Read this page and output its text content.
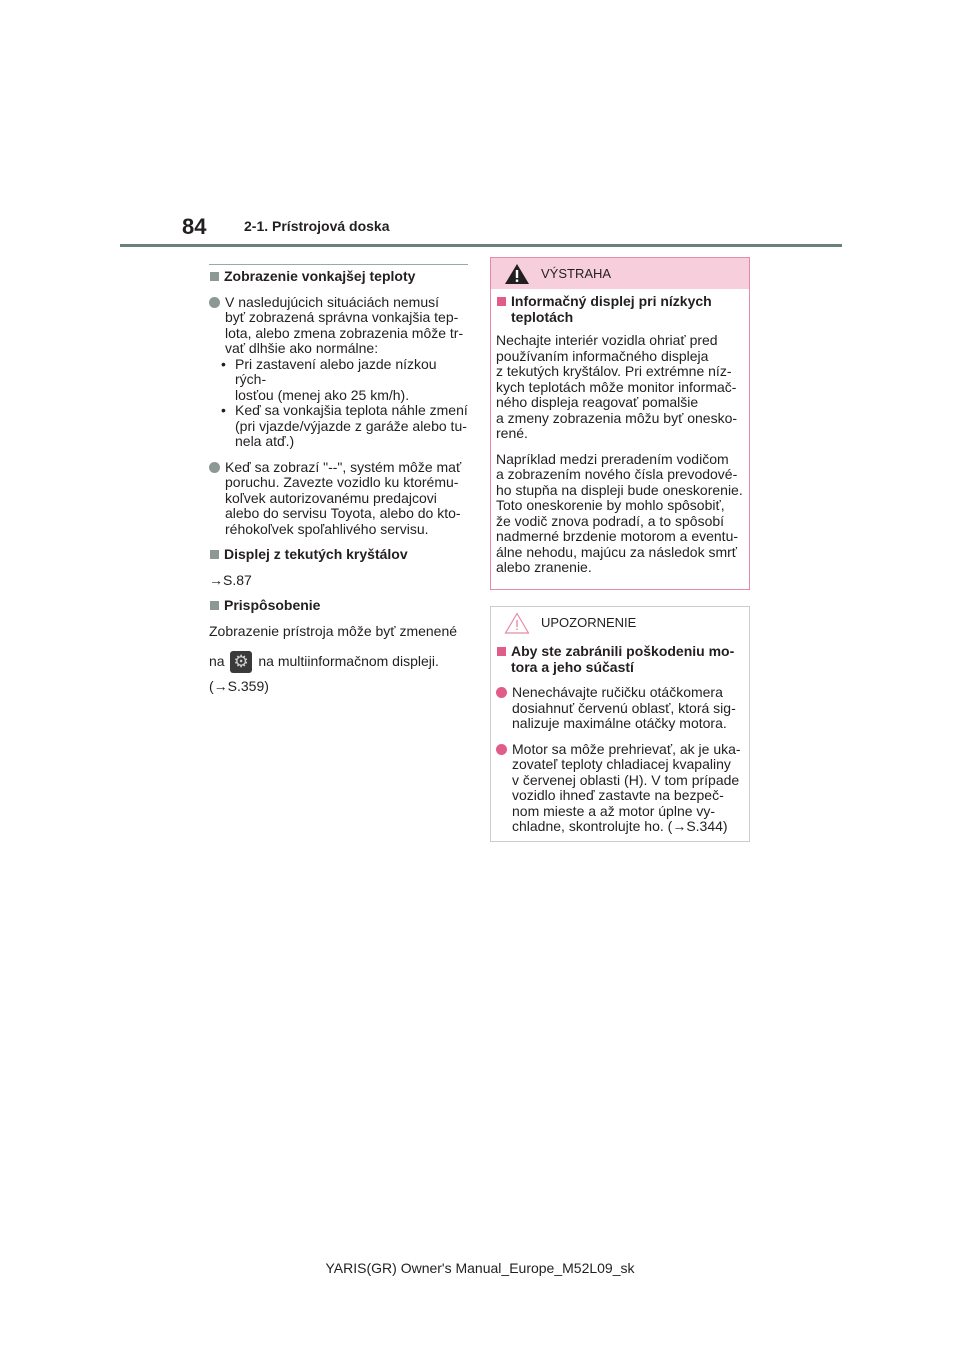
84	2-1. Prístrojová doska
Zobrazenie vonkajšej teploty
V nasledujúcich situáciách nemusí
byť zobrazená správna vonkajšia tep-
lota, alebo zmena zobrazenia môže tr-
vať dlhšie ako normálne:
• Pri zastavení alebo jazde nízkou rých-
losťou (menej ako 25 km/h).
• Keď sa vonkajšia teplota náhle zmení
(pri vjazde/výjazde z garáže alebo tu-
nela atď.)
Keď sa zobrazí "--", systém môže mať
poruchu. Zavezte vozidlo ku ktorému-
koľvek autorizovanému predajcovi
alebo do servisu Toyota, alebo do kto-
réhokoľvek spoľahlivého servisu.
Displej z tekutých kryštálov
→S.87
Prispôsobenie
Zobrazenie prístroja môže byť zmenené
na ⚙ na multiinformačnom displeji.
(→S.359)
VÝSTRAHA
Informačný displej pri nízkych
teplotách
Nechajte interiér vozidla ohriať pred
používaním informačného displeja
z tekutých kryštálov. Pri extrémne níz-
kych teplotách môže monitor informač-
ného displeja reagovať pomalšie
a zmeny zobrazenia môžu byť onesko-
rené.
Napríklad medzi preradením vodičom
a zobrazením nového čísla prevodové-
ho stupňa na displeji bude oneskorenie.
Toto oneskorenie by mohlo spôsobiť,
že vodič znova podradí, a to spôsobí
nadmerné brzdenie motorom a eventu-
álne nehodu, majúcu za následok smrť
alebo zranenie.
UPOZORNENIE
Aby ste zabránili poškodeniu mo-
tora a jeho súčastí
Nenechávajte ručičku otáčkomera
dosiahnuť červenú oblasť, ktorá sig-
nalizuje maximálne otáčky motora.
Motor sa môže prehrievať, ak je uka-
zovateľ teploty chladiacej kvapaliny
v červenej oblasti (H). V tom prípade
vozidlo ihneď zastavte na bezpeč-
nom mieste a až motor úplne vy-
chladne, skontrolujte ho. (→S.344)
YARIS(GR) Owner's Manual_Europe_M52L09_sk
